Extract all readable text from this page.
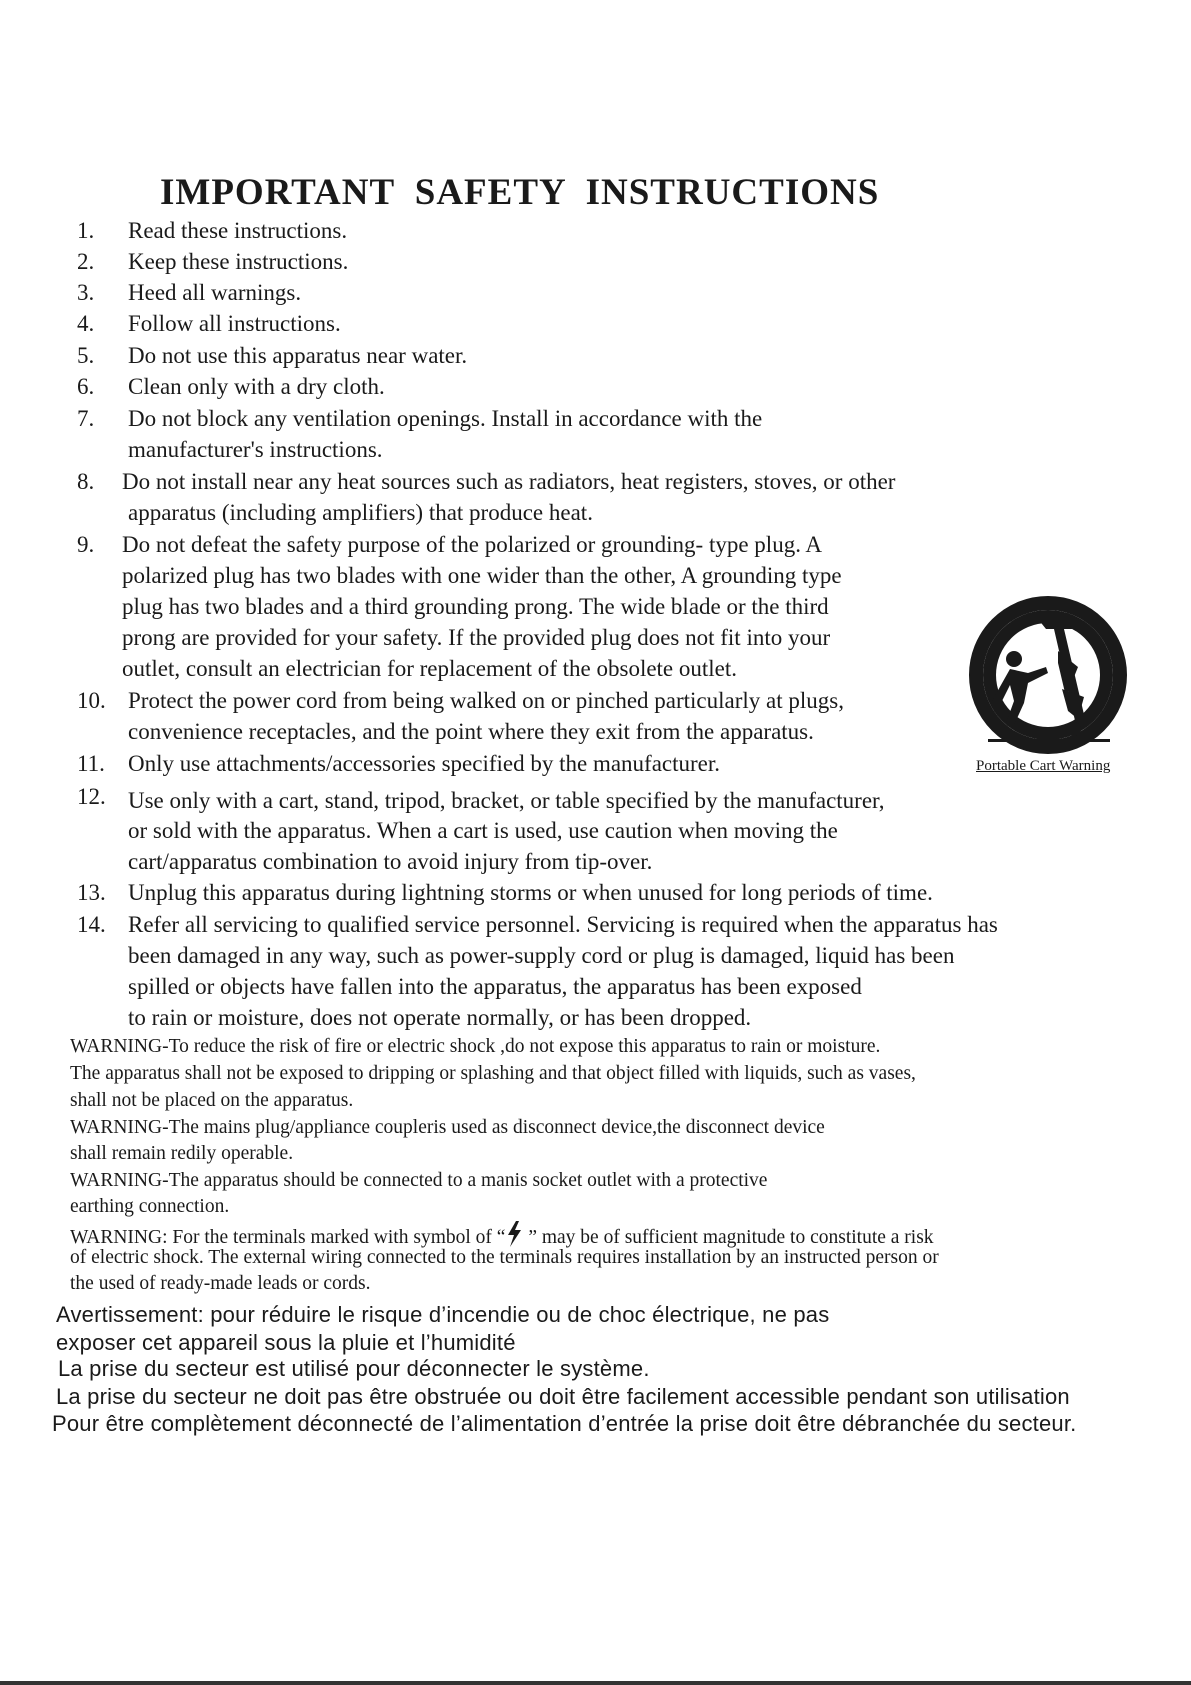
IMPORTANT SAFETY INSTRUCTIONS
1. Read these instructions.
2. Keep these instructions.
3. Heed all warnings.
4. Follow all instructions.
5. Do not use this apparatus near water.
6. Clean only with a dry cloth.
7. Do not block any ventilation openings. Install in accordance with the
manufacturer's instructions.
8. Do not install near any heat sources such as radiators, heat registers, stoves, or other
apparatus (including amplifiers) that produce heat.
9. Do not defeat the safety purpose of the polarized or grounding- type plug. A
polarized plug has two blades with one wider than the other, A grounding type
plug has two blades and a third grounding prong. The wide blade or the third
prong are provided for your safety. If the provided plug does not fit into your
outlet, consult an electrician for replacement of the obsolete outlet.
10. Protect the power cord from being walked on or pinched particularly at plugs,
convenience receptacles, and the point where they exit from the apparatus.
11. Only use attachments/accessories specified by the manufacturer.
12. Use only with a cart, stand, tripod, bracket, or table specified by the manufacturer,
or sold with the apparatus. When a cart is used, use caution when moving the
cart/apparatus combination to avoid injury from tip-over.
13. Unplug this apparatus during lightning storms or when unused for long periods of time.
14. Refer all servicing to qualified service personnel. Servicing is required when the apparatus has
been damaged in any way, such as power-supply cord or plug is damaged, liquid has been
spilled or objects have fallen into the apparatus, the apparatus has been exposed
to rain or moisture, does not operate normally, or has been dropped.
Portable Cart Warning
WARNING-To reduce the risk of fire or electric shock ,do not expose this apparatus to rain or moisture.
The apparatus shall not be exposed to dripping or splashing and that object filled with liquids, such as vases,
shall not be placed on the apparatus.
WARNING-The mains plug/appliance coupleris used as disconnect device,the disconnect device
shall remain redily operable.
WARNING-The apparatus should be connected to a manis socket outlet with a protective
earthing connection.
WARNING: For the terminals marked with symbol of “ ” may be of sufficient magnitude to constitute a risk
of electric shock. The external wiring connected to the terminals requires installation by an instructed person or
the used of ready-made leads or cords.
Avertissement: pour réduire le risque d’incendie ou de choc électrique, ne pas
exposer cet appareil sous la pluie et l’humidité
La prise du secteur est utilisé pour déconnecter le système.
La prise du secteur ne doit pas être obstruée ou doit être facilement accessible pendant son utilisation
Pour être complètement déconnecté de l’alimentation d’entrée la prise doit être débranchée du secteur.
